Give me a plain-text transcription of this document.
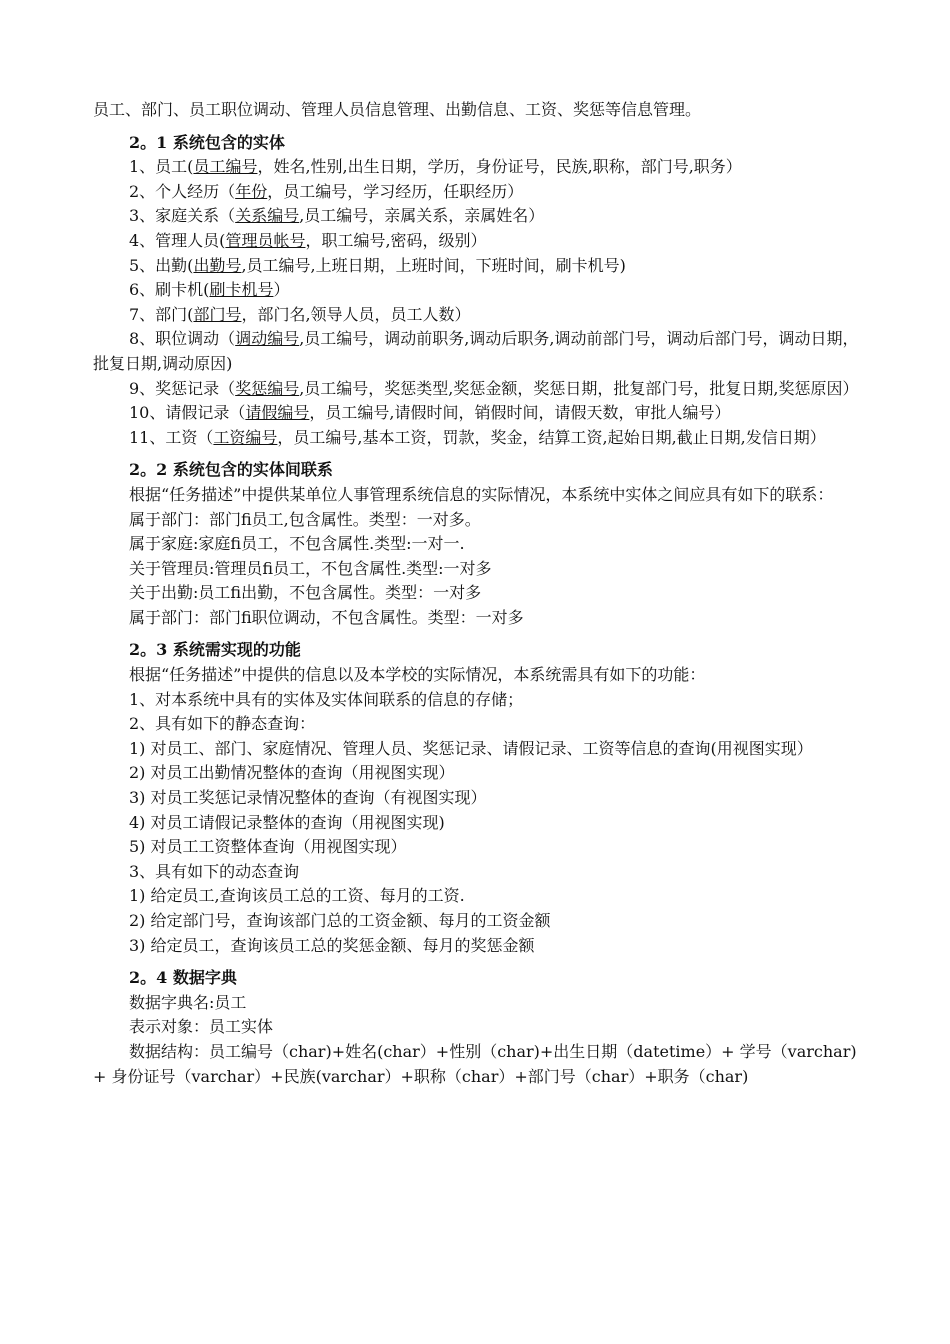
员工、部门、员工职位调动、管理人员信息管理、出勤信息、工资、奖惩等信息管理。

2。1 系统包含的实体

1、员工(员工编号，姓名,性别,出生日期，学历，身份证号，民族,职称，部门号,职务）

2、个人经历（年份，员工编号，学习经历，任职经历）

3、家庭关系（关系编号,员工编号，亲属关系，亲属姓名）

4、管理人员(管理员帐号，职工编号,密码，级别）

5、出勤(出勤号,员工编号,上班日期，上班时间，下班时间，刷卡机号)

6、刷卡机(刷卡机号）

7、部门(部门号，部门名,领导人员，员工人数）

8、职位调动（调动编号,员工编号，调动前职务,调动后职务,调动前部门号，调动后部门号，调动日期，批复日期,调动原因)

9、奖惩记录（奖惩编号,员工编号，奖惩类型,奖惩金额，奖惩日期，批复部门号，批复日期,奖惩原因）

10、请假记录（请假编号，员工编号,请假时间，销假时间，请假天数，审批人编号）

11、工资（工资编号，员工编号,基本工资，罚款，奖金，结算工资,起始日期,截止日期,发信日期）

2。2 系统包含的实体间联系

根据“任务描述”中提供某单位人事管理系统信息的实际情况，本系统中实体之间应具有如下的联系：

属于部门：部门fi员工,包含属性。类型：一对多。

属于家庭:家庭fi员工，不包含属性.类型:一对一.

关于管理员:管理员fi员工，不包含属性.类型:一对多

关于出勤:员工fi出勤，不包含属性。类型：一对多

属于部门：部门fi职位调动，不包含属性。类型：一对多

2。3 系统需实现的功能

根据“任务描述”中提供的信息以及本学校的实际情况，本系统需具有如下的功能：

1、对本系统中具有的实体及实体间联系的信息的存储；

2、具有如下的静态查询：

1) 对员工、部门、家庭情况、管理人员、奖惩记录、请假记录、工资等信息的查询(用视图实现）

2) 对员工出勤情况整体的查询（用视图实现）

3) 对员工奖惩记录情况整体的查询（有视图实现）

4) 对员工请假记录整体的查询（用视图实现)

5) 对员工工资整体查询（用视图实现）

3、具有如下的动态查询

1) 给定员工,查询该员工总的工资、每月的工资.

2) 给定部门号，查询该部门总的工资金额、每月的工资金额

3) 给定员工，查询该员工总的奖惩金额、每月的奖惩金额

2。4 数据字典

数据字典名:员工

表示对象：员工实体

数据结构：员工编号（char)+姓名(char）+性别（char)+出生日期（datetime）+ 学号（varchar)+ 身份证号（varchar）+民族(varchar）+职称（char）+部门号（char）+职务（char)
